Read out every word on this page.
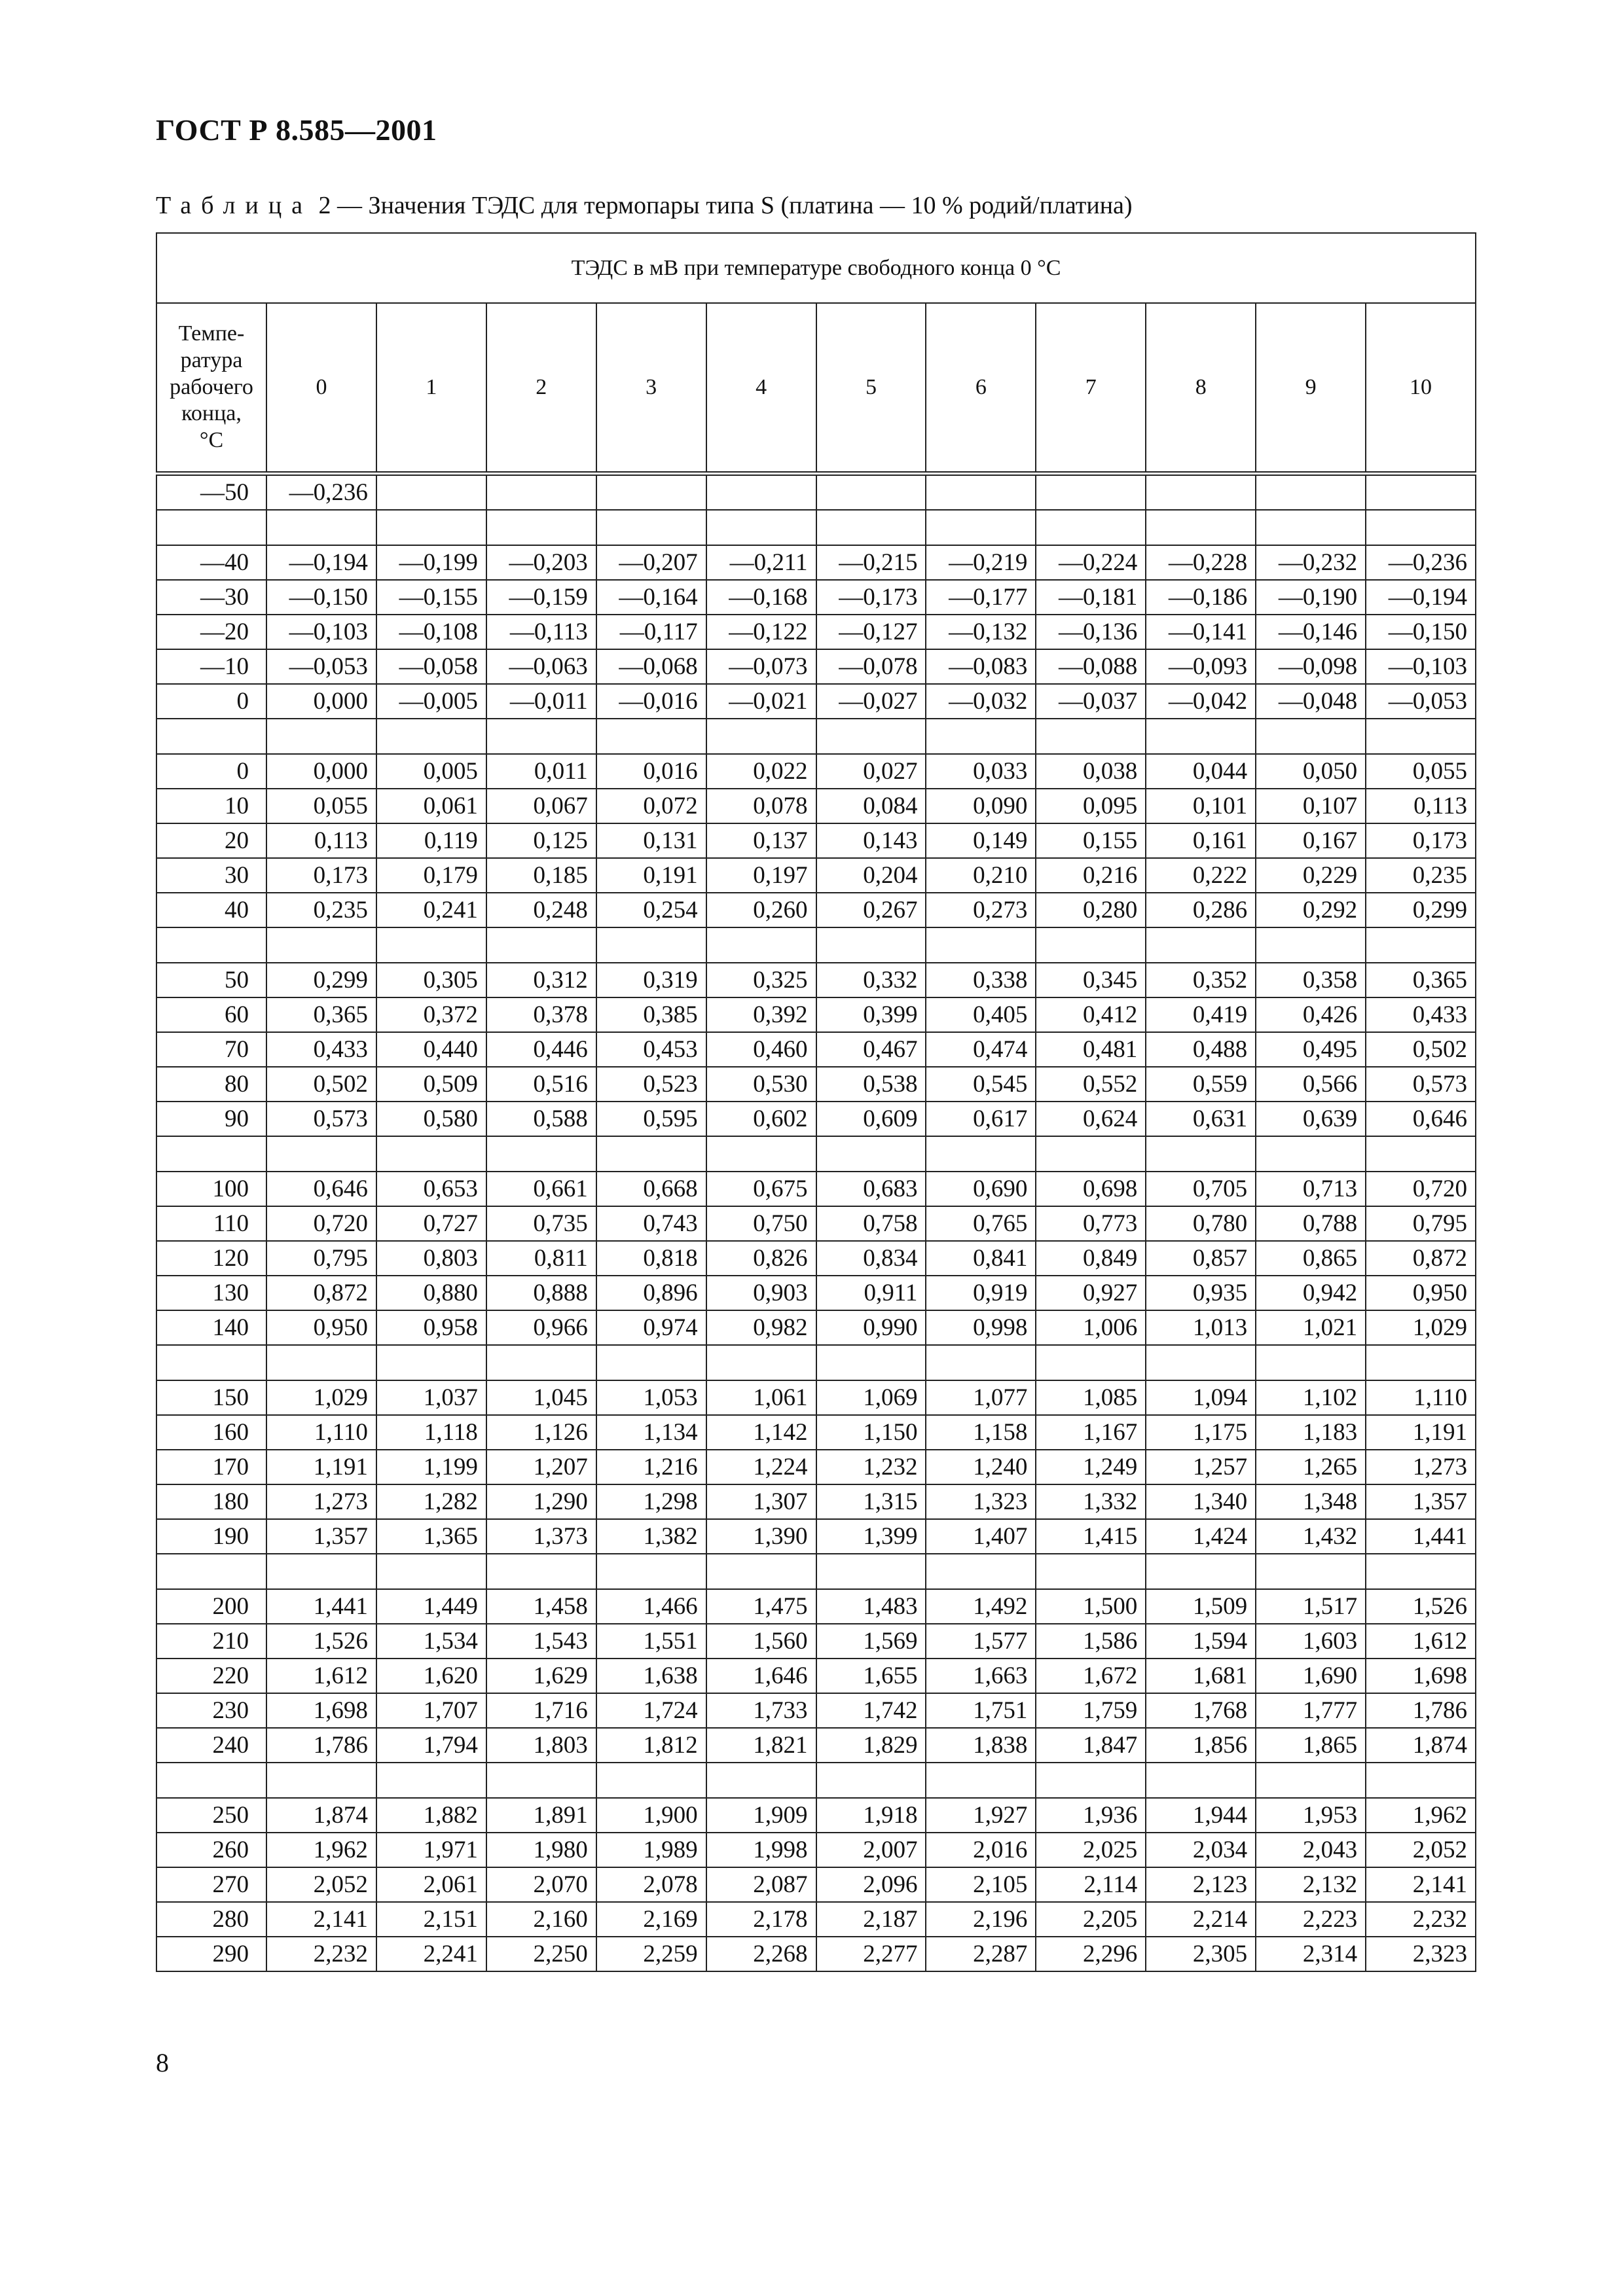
ГОСТ Р 8.585—2001
Таблица 2 — Значения ТЭДС для термопары типа S (платина — 10 % родий/платина)
ТЭДС в мВ при температуре свободного конца 0 °С											
Темпе-
ратура
рабочего
конца,
°С	0	1	2	3	4	5	6	7	8	9	10
—50	—0,236										

—40	—0,194	—0,199	—0,203	—0,207	—0,211	—0,215	—0,219	—0,224	—0,228	—0,232	—0,236
—30	—0,150	—0,155	—0,159	—0,164	—0,168	—0,173	—0,177	—0,181	—0,186	—0,190	—0,194
—20	—0,103	—0,108	—0,113	—0,117	—0,122	—0,127	—0,132	—0,136	—0,141	—0,146	—0,150
—10	—0,053	—0,058	—0,063	—0,068	—0,073	—0,078	—0,083	—0,088	—0,093	—0,098	—0,103
0	0,000	—0,005	—0,011	—0,016	—0,021	—0,027	—0,032	—0,037	—0,042	—0,048	—0,053

0	0,000	0,005	0,011	0,016	0,022	0,027	0,033	0,038	0,044	0,050	0,055
10	0,055	0,061	0,067	0,072	0,078	0,084	0,090	0,095	0,101	0,107	0,113
20	0,113	0,119	0,125	0,131	0,137	0,143	0,149	0,155	0,161	0,167	0,173
30	0,173	0,179	0,185	0,191	0,197	0,204	0,210	0,216	0,222	0,229	0,235
40	0,235	0,241	0,248	0,254	0,260	0,267	0,273	0,280	0,286	0,292	0,299

50	0,299	0,305	0,312	0,319	0,325	0,332	0,338	0,345	0,352	0,358	0,365
60	0,365	0,372	0,378	0,385	0,392	0,399	0,405	0,412	0,419	0,426	0,433
70	0,433	0,440	0,446	0,453	0,460	0,467	0,474	0,481	0,488	0,495	0,502
80	0,502	0,509	0,516	0,523	0,530	0,538	0,545	0,552	0,559	0,566	0,573
90	0,573	0,580	0,588	0,595	0,602	0,609	0,617	0,624	0,631	0,639	0,646

100	0,646	0,653	0,661	0,668	0,675	0,683	0,690	0,698	0,705	0,713	0,720
110	0,720	0,727	0,735	0,743	0,750	0,758	0,765	0,773	0,780	0,788	0,795
120	0,795	0,803	0,811	0,818	0,826	0,834	0,841	0,849	0,857	0,865	0,872
130	0,872	0,880	0,888	0,896	0,903	0,911	0,919	0,927	0,935	0,942	0,950
140	0,950	0,958	0,966	0,974	0,982	0,990	0,998	1,006	1,013	1,021	1,029

150	1,029	1,037	1,045	1,053	1,061	1,069	1,077	1,085	1,094	1,102	1,110
160	1,110	1,118	1,126	1,134	1,142	1,150	1,158	1,167	1,175	1,183	1,191
170	1,191	1,199	1,207	1,216	1,224	1,232	1,240	1,249	1,257	1,265	1,273
180	1,273	1,282	1,290	1,298	1,307	1,315	1,323	1,332	1,340	1,348	1,357
190	1,357	1,365	1,373	1,382	1,390	1,399	1,407	1,415	1,424	1,432	1,441

200	1,441	1,449	1,458	1,466	1,475	1,483	1,492	1,500	1,509	1,517	1,526
210	1,526	1,534	1,543	1,551	1,560	1,569	1,577	1,586	1,594	1,603	1,612
220	1,612	1,620	1,629	1,638	1,646	1,655	1,663	1,672	1,681	1,690	1,698
230	1,698	1,707	1,716	1,724	1,733	1,742	1,751	1,759	1,768	1,777	1,786
240	1,786	1,794	1,803	1,812	1,821	1,829	1,838	1,847	1,856	1,865	1,874

250	1,874	1,882	1,891	1,900	1,909	1,918	1,927	1,936	1,944	1,953	1,962
260	1,962	1,971	1,980	1,989	1,998	2,007	2,016	2,025	2,034	2,043	2,052
270	2,052	2,061	2,070	2,078	2,087	2,096	2,105	2,114	2,123	2,132	2,141
280	2,141	2,151	2,160	2,169	2,178	2,187	2,196	2,205	2,214	2,223	2,232
290	2,232	2,241	2,250	2,259	2,268	2,277	2,287	2,296	2,305	2,314	2,323
8
